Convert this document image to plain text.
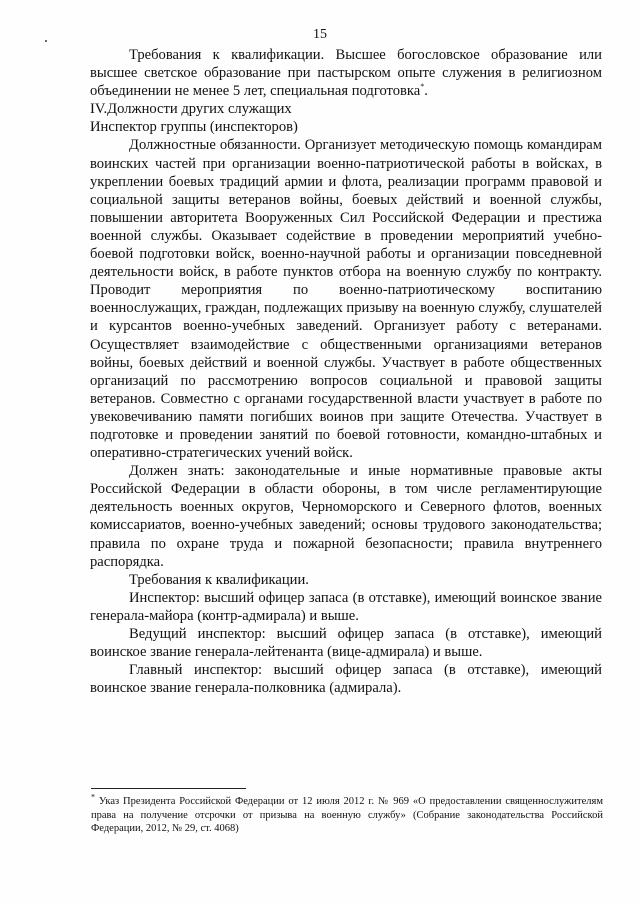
15

Требования к квалификации. Высшее богословское образование или высшее светское образование при пастырском опыте служения в религиозном объединении не менее 5 лет, специальная подготовка*.

IV.Должности других служащих

Инспектор группы (инспекторов)

Должностные обязанности. Организует методическую помощь командирам воинских частей при организации военно-патриотической работы в войсках, в укреплении боевых традиций армии и флота, реализации программ правовой и социальной защиты ветеранов войны, боевых действий и военной службы, повышении авторитета Вооруженных Сил Российской Федерации и престижа военной службы. Оказывает содействие в проведении мероприятий учебно-боевой подготовки войск, военно-научной работы и организации повседневной деятельности войск, в работе пунктов отбора на военную службу по контракту. Проводит мероприятия по военно-патриотическому воспитанию военнослужащих, граждан, подлежащих призыву на военную службу, слушателей и курсантов военно-учебных заведений. Организует работу с ветеранами. Осуществляет взаимодействие с общественными организациями ветеранов войны, боевых действий и военной службы. Участвует в работе общественных организаций по рассмотрению вопросов социальной и правовой защиты ветеранов. Совместно с органами государственной власти участвует в работе по увековечиванию памяти погибших воинов при защите Отечества. Участвует в подготовке и проведении занятий по боевой готовности, командно-штабных и оперативно-стратегических учений войск.

Должен знать: законодательные и иные нормативные правовые акты Российской Федерации в области обороны, в том числе регламентирующие деятельность военных округов, Черноморского и Северного флотов, военных комиссариатов, военно-учебных заведений; основы трудового законодательства; правила по охране труда и пожарной безопасности; правила внутреннего распорядка.

Требования к квалификации.

Инспектор: высший офицер запаса (в отставке), имеющий воинское звание генерала-майора (контр-адмирала) и выше.

Ведущий инспектор: высший офицер запаса (в отставке), имеющий воинское звание генерала-лейтенанта (вице-адмирала) и выше.

Главный инспектор: высший офицер запаса (в отставке), имеющий воинское звание генерала-полковника (адмирала).

* Указ Президента Российской Федерации от 12 июля 2012 г. № 969 «О предоставлении священнослужителям права на получение отсрочки от призыва на военную службу» (Собрание законодательства Российской Федерации, 2012, № 29, ст. 4068)
